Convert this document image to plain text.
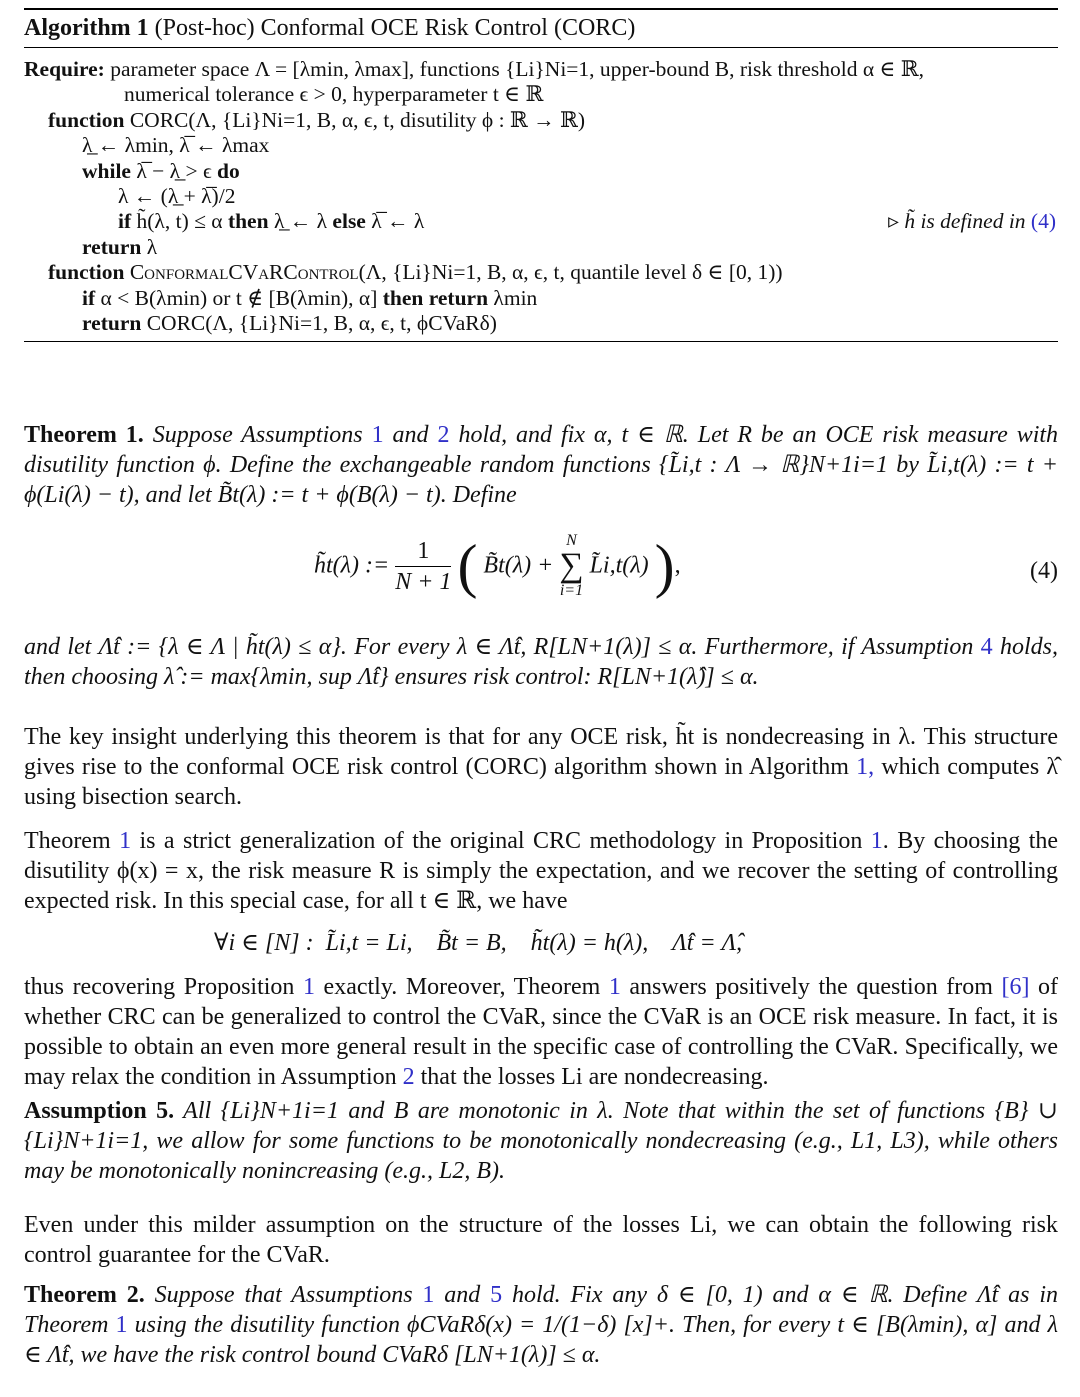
Algorithm 1 (Post-hoc) Conformal OCE Risk Control (CORC)
Require: parameter space Λ = [λmin, λmax], functions {Li}Ni=1, upper-bound B, risk threshold α ∈ ℝ,
numerical tolerance ϵ > 0, hyperparameter t ∈ ℝ
function CORC(Λ, {Li}Ni=1, B, α, ϵ, t, disutility ϕ : ℝ → ℝ)
λ̲ ← λmin, λ̅ ← λmax
while λ̅ − λ̲ > ϵ do
λ ← (λ̲ + λ̅)/2
if h̃(λ, t) ≤ α then λ̲ ← λ else λ̅ ← λ	▹ h̃ is defined in (4)
return λ
function ConformalCVaRControl(Λ, {Li}Ni=1, B, α, ϵ, t, quantile level δ ∈ [0, 1))
if α < B(λmin) or t ∉ [B(λmin), α] then return λmin
return CORC(Λ, {Li}Ni=1, B, α, ϵ, t, ϕCVaRδ)

Theorem 1. Suppose Assumptions 1 and 2 hold, and fix α, t ∈ ℝ. Let R be an OCE risk measure with disutility function ϕ. Define the exchangeable random functions {L̃i,t : Λ → ℝ}N+1i=1 by L̃i,t(λ) := t + ϕ(Li(λ) − t), and let B̃t(λ) := t + ϕ(B(λ) − t). Define

h̃t(λ) := $\frac{1}{N + 1}$ ( B̃t(λ) + N
∑
i=1 L̃i,t(λ) ),	(4)

and let Λ̂t := {λ ∈ Λ | h̃t(λ) ≤ α}. For every λ ∈ Λ̂t, R[LN+1(λ)] ≤ α. Furthermore, if Assumption 4 holds, then choosing λ̂ := max{λmin, sup Λ̂t} ensures risk control: R[LN+1(λ̂)] ≤ α.

The key insight underlying this theorem is that for any OCE risk, h̃t is nondecreasing in λ. This structure gives rise to the conformal OCE risk control (CORC) algorithm shown in Algorithm 1, which computes λ̂ using bisection search.

Theorem 1 is a strict generalization of the original CRC methodology in Proposition 1. By choosing the disutility ϕ(x) = x, the risk measure R is simply the expectation, and we recover the setting of controlling expected risk. In this special case, for all t ∈ ℝ, we have

∀i ∈ [N] :  L̃i,t = Li,    B̃t = B,    h̃t(λ) = h(λ),    Λ̂t = Λ̂,

thus recovering Proposition 1 exactly. Moreover, Theorem 1 answers positively the question from [6] of whether CRC can be generalized to control the CVaR, since the CVaR is an OCE risk measure. In fact, it is possible to obtain an even more general result in the specific case of controlling the CVaR. Specifically, we may relax the condition in Assumption 2 that the losses Li are nondecreasing.

Assumption 5. All {Li}N+1i=1 and B are monotonic in λ. Note that within the set of functions {B} ∪ {Li}N+1i=1, we allow for some functions to be monotonically nondecreasing (e.g., L1, L3), while others may be monotonically nonincreasing (e.g., L2, B).

Even under this milder assumption on the structure of the losses Li, we can obtain the following risk control guarantee for the CVaR.

Theorem 2. Suppose that Assumptions 1 and 5 hold. Fix any δ ∈ [0, 1) and α ∈ ℝ. Define Λ̂t as in Theorem 1 using the disutility function ϕCVaRδ(x) = 1/(1−δ) [x]+. Then, for every t ∈ [B(λmin), α] and λ ∈ Λ̂t, we have the risk control bound CVaRδ [LN+1(λ)] ≤ α.
